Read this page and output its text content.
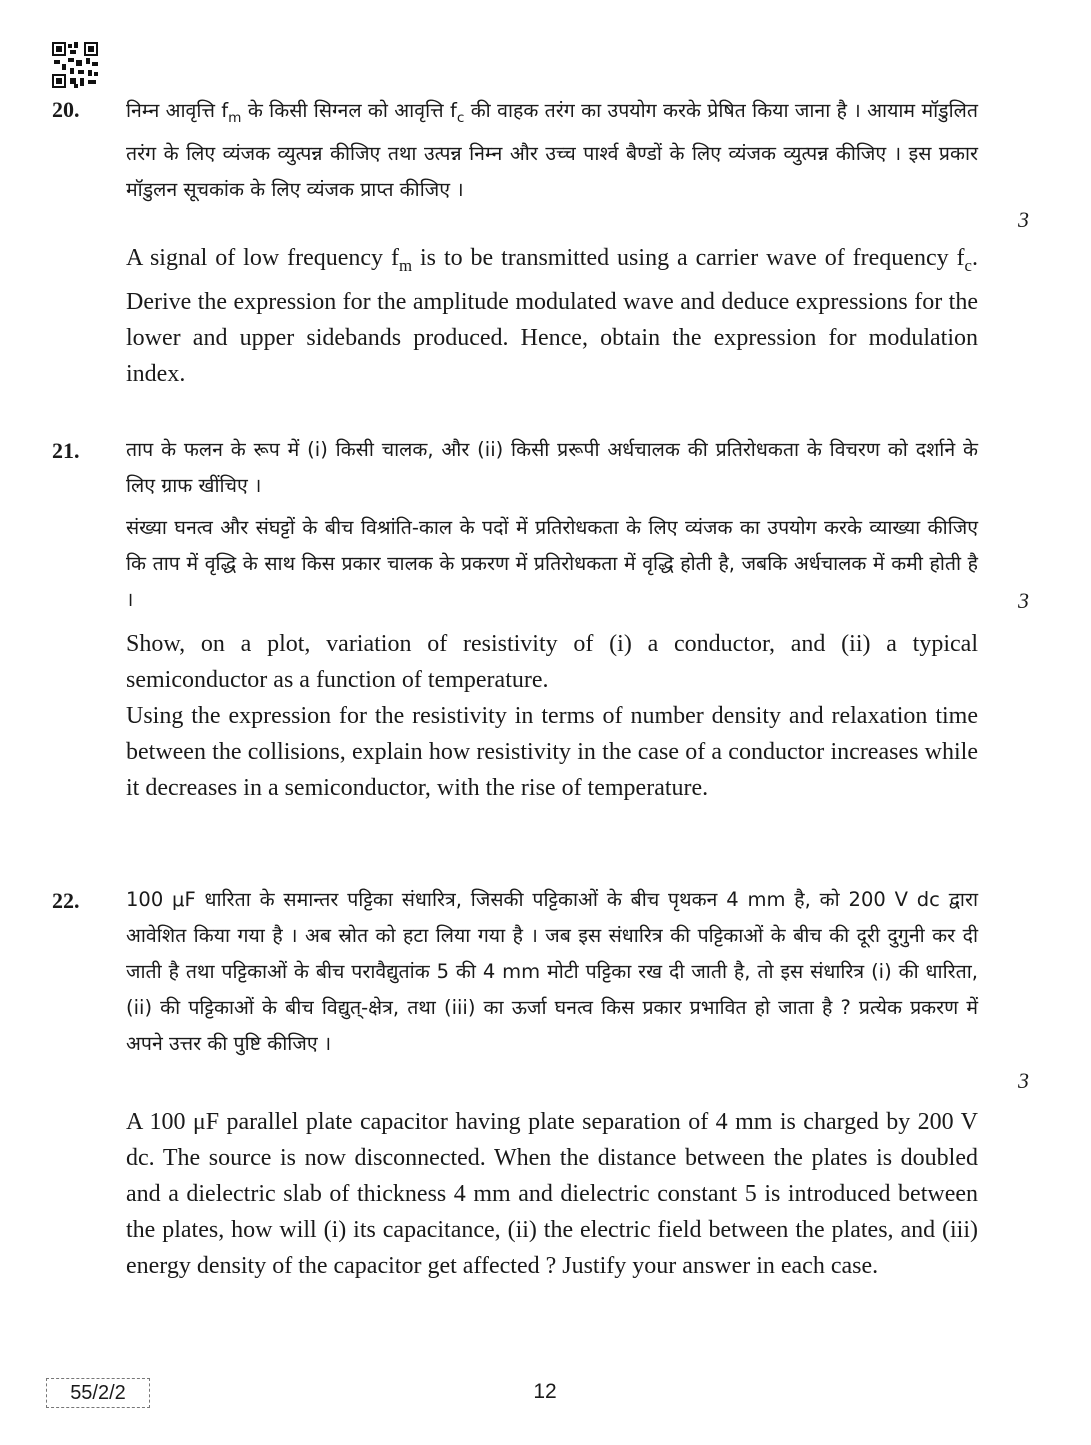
20. निम्न आवृत्ति $f_m$ के किसी सिग्नल को आवृत्ति $f_c$ की वाहक तरंग का उपयोग करके प्रेषित किया जाना है । आयाम मॉडुलित तरंग के लिए व्यंजक व्युत्पन्न कीजिए तथा उत्पन्न निम्न और उच्च पार्श्व बैण्डों के लिए व्यंजक व्युत्पन्न कीजिए । इस प्रकार मॉडुलन सूचकांक के लिए व्यंजक प्राप्त कीजिए ।
3
A signal of low frequency $f_m$ is to be transmitted using a carrier wave of frequency $f_c$. Derive the expression for the amplitude modulated wave and deduce expressions for the lower and upper sidebands produced. Hence, obtain the expression for modulation index.
21. ताप के फलन के रूप में (i) किसी चालक, और (ii) किसी प्ररूपी अर्धचालक की प्रतिरोधकता के विचरण को दर्शाने के लिए ग्राफ खींचिए ।
संख्या घनत्व और संघट्टों के बीच विश्रांति-काल के पदों में प्रतिरोधकता के लिए व्यंजक का उपयोग करके व्याख्या कीजिए कि ताप में वृद्धि के साथ किस प्रकार चालक के प्रकरण में प्रतिरोधकता में वृद्धि होती है, जबकि अर्धचालक में कमी होती है ।	3
Show, on a plot, variation of resistivity of (i) a conductor, and (ii) a typical semiconductor as a function of temperature.
Using the expression for the resistivity in terms of number density and relaxation time between the collisions, explain how resistivity in the case of a conductor increases while it decreases in a semiconductor, with the rise of temperature.
22. 100 μF धारिता के समान्तर पट्टिका संधारित्र, जिसकी पट्टिकाओं के बीच पृथकन 4 mm है, को 200 V dc द्वारा आवेशित किया गया है । अब स्रोत को हटा लिया गया है । जब इस संधारित्र की पट्टिकाओं के बीच की दूरी दुगुनी कर दी जाती है तथा पट्टिकाओं के बीच परावैद्युतांक 5 की 4 mm मोटी पट्टिका रख दी जाती है, तो इस संधारित्र (i) की धारिता, (ii) की पट्टिकाओं के बीच विद्युत्-क्षेत्र, तथा (iii) का ऊर्जा घनत्व किस प्रकार प्रभावित हो जाता है ? प्रत्येक प्रकरण में अपने उत्तर की पुष्टि कीजिए ।
3
A 100 μF parallel plate capacitor having plate separation of 4 mm is charged by 200 V dc. The source is now disconnected. When the distance between the plates is doubled and a dielectric slab of thickness 4 mm and dielectric constant 5 is introduced between the plates, how will (i) its capacitance, (ii) the electric field between the plates, and (iii) energy density of the capacitor get affected ? Justify your answer in each case.
55/2/2	12
